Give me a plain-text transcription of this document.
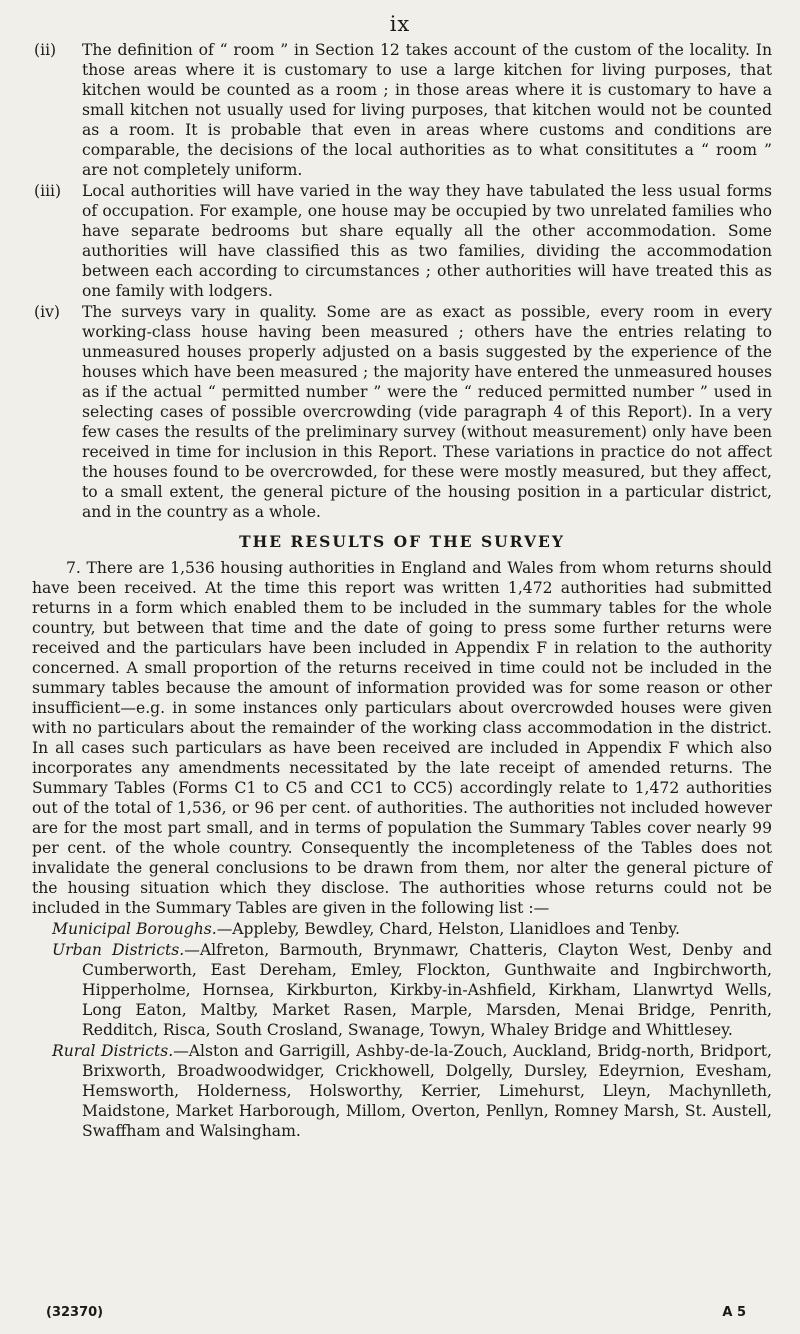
ix
(ii) The definition of “ room ” in Section 12 takes account of the custom of the locality. In those areas where it is customary to use a large kitchen for living purposes, that kitchen would be counted as a room ; in those areas where it is customary to have a small kitchen not usually used for living purposes, that kitchen would not be counted as a room. It is probable that even in areas where customs and conditions are comparable, the decisions of the local authorities as to what consititutes a “ room ” are not completely uniform.
(iii) Local authorities will have varied in the way they have tabulated the less usual forms of occupation. For example, one house may be occupied by two unrelated families who have separate bedrooms but share equally all the other accommodation. Some authorities will have classified this as two families, dividing the accommodation between each according to circumstances ; other authorities will have treated this as one family with lodgers.
(iv) The surveys vary in quality. Some are as exact as possible, every room in every working-class house having been measured ; others have the entries relating to unmeasured houses properly adjusted on a basis suggested by the experience of the houses which have been measured ; the majority have entered the unmeasured houses as if the actual “ permitted number ” were the “ reduced permitted number ” used in selecting cases of possible overcrowding (vide paragraph 4 of this Report). In a very few cases the results of the preliminary survey (without measurement) only have been received in time for inclusion in this Report. These variations in practice do not affect the houses found to be overcrowded, for these were mostly measured, but they affect, to a small extent, the general picture of the housing position in a particular district, and in the country as a whole.
THE RESULTS OF THE SURVEY

7. There are 1,536 housing authorities in England and Wales from whom returns should have been received. At the time this report was written 1,472 authorities had submitted returns in a form which enabled them to be included in the summary tables for the whole country, but between that time and the date of going to press some further returns were received and the particulars have been included in Appendix F in relation to the authority concerned. A small proportion of the returns received in time could not be included in the summary tables because the amount of information provided was for some reason or other insufficient—e.g. in some instances only particulars about overcrowded houses were given with no particulars about the remainder of the working class accommodation in the district. In all cases such particulars as have been received are included in Appendix F which also incorporates any amendments necessitated by the late receipt of amended returns. The Summary Tables (Forms C1 to C5 and CC1 to CC5) accordingly relate to 1,472 authorities out of the total of 1,536, or 96 per cent. of authorities. The authorities not included however are for the most part small, and in terms of population the Summary Tables cover nearly 99 per cent. of the whole country. Consequently the incompleteness of the Tables does not invalidate the general conclusions to be drawn from them, nor alter the general picture of the housing situation which they disclose. The authorities whose returns could not be included in the Summary Tables are given in the following list :—

Municipal Boroughs.—Appleby, Bewdley, Chard, Helston, Llanidloes and Tenby.

Urban Districts.—Alfreton, Barmouth, Brynmawr, Chatteris, Clayton West, Denby and Cumberworth, East Dereham, Emley, Flockton, Gunthwaite and Ingbirchworth, Hipperholme, Hornsea, Kirkburton, Kirkby-in-Ashfield, Kirkham, Llanwrtyd Wells, Long Eaton, Maltby, Market Rasen, Marple, Marsden, Menai Bridge, Penrith, Redditch, Risca, South Crosland, Swanage, Towyn, Whaley Bridge and Whittlesey.

Rural Districts.—Alston and Garrigill, Ashby-de-la-Zouch, Auckland, Bridg-north, Bridport, Brixworth, Broadwoodwidger, Crickhowell, Dolgelly, Dursley, Edeyrnion, Evesham, Hemsworth, Holderness, Holsworthy, Kerrier, Limehurst, Lleyn, Machynlleth, Maidstone, Market Harborough, Millom, Overton, Penllyn, Romney Marsh, St. Austell, Swaffham and Walsingham.

(32370)	A 5
